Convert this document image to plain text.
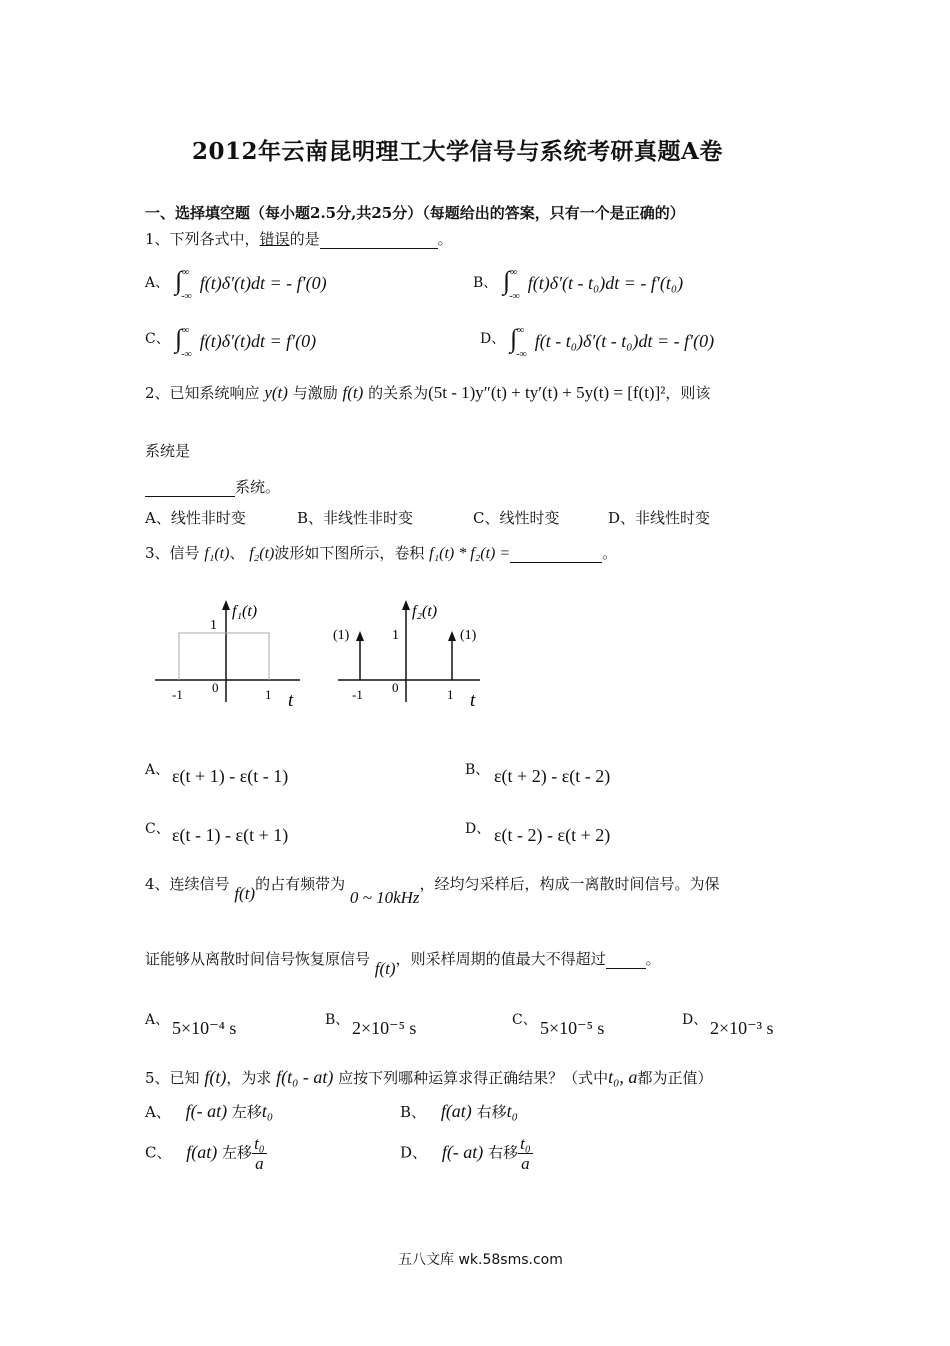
2012年云南昆明理工大学信号与系统考研真题A卷
一、选择填空题（每小题2.5分,共25分）（每题给出的答案，只有一个是正确的）
1、下列各式中，错误的是	。
A、 $\int^\infty_{-\infty}f(t)\delta'(t)dt$ = - f′(0)	B、 $\int^\infty_{-\infty}f(t)\delta'(t - t_0)dt$ = - f′(t₀)
C、 $\int^\infty_{-\infty}f(t)\delta'(t)dt = f'(0)$	D、 $\int^\infty_{-\infty}f(t - t_0)\delta'(t - t_0)dt$ = - f′(0)
2、已知系统响应 y(t) 与激励 f(t) 的关系为(5t - 1)y″(t) + ty′(t) + 5y(t) = [f(t)]²，则该
系统是
系统。
A、线性非时变	B、非线性非时变	C、线性时变	D、非线性时变
3、信号 f₁(t)、 f₂(t)波形如下图所示，卷积 f₁(t) * f₂(t) =	。
f₁(t)
1
-1 0	1 t
f₂(t)
1
(1)	(1)
-1 0	1 t
A、 ε(t + 1) - ε(t - 1)	B、 ε(t + 2) - ε(t - 2)
C、 ε(t - 1) - ε(t + 1)	D、 ε(t - 2) - ε(t + 2)
4、连续信号 f(t)的占有频带为 0 ~ 10kHz，经均匀采样后，构成一离散时间信号。为保
证能够从离散时间信号恢复原信号 f(t)，则采样周期的值最大不得超过	。
A、 5×10⁻⁴ s	B、 2×10⁻⁵ s	C、 5×10⁻⁵ s	D、 2×10⁻³ s
5、已知 f(t)，为求 f(t₀ - at) 应按下列哪种运算求得正确结果？（式中t₀, a都为正值）
A、 f(- at) 左移t₀	B、 f(at) 右移t₀
C、 f(at) 左移 $\frac{\text{t₀}}{a}$	D、 f(- at) 右移 $\frac{\text{t₀}}{a}$
五八文库 wk.58sms.com
